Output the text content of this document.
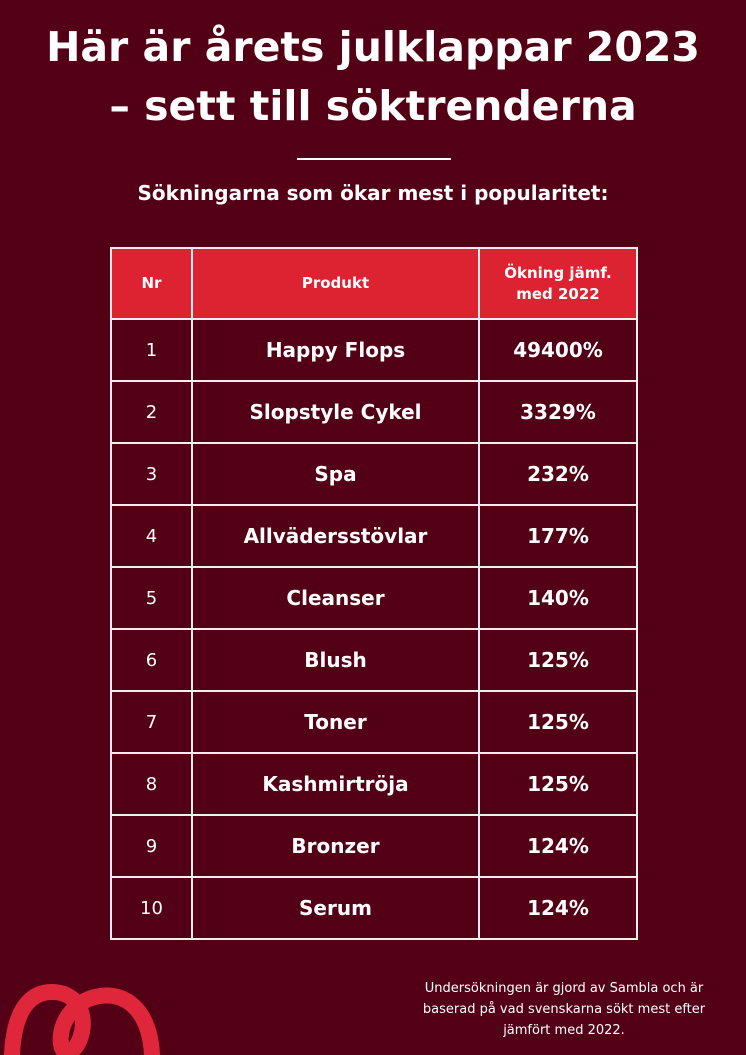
Här är årets julklappar 2023
– sett till söktrenderna
Sökningarna som ökar mest i popularitet:
Nr	Produkt	Ökning jämf.
med 2022
1	Happy Flops	49400%
2	Slopstyle Cykel	3329%
3	Spa	232%
4	Allvädersstövlar	177%
5	Cleanser	140%
6	Blush	125%
7	Toner	125%
8	Kashmirtröja	125%
9	Bronzer	124%
10	Serum	124%
Undersökningen är gjord av Sambla och är
baserad på vad svenskarna sökt mest efter
jämfört med 2022.
